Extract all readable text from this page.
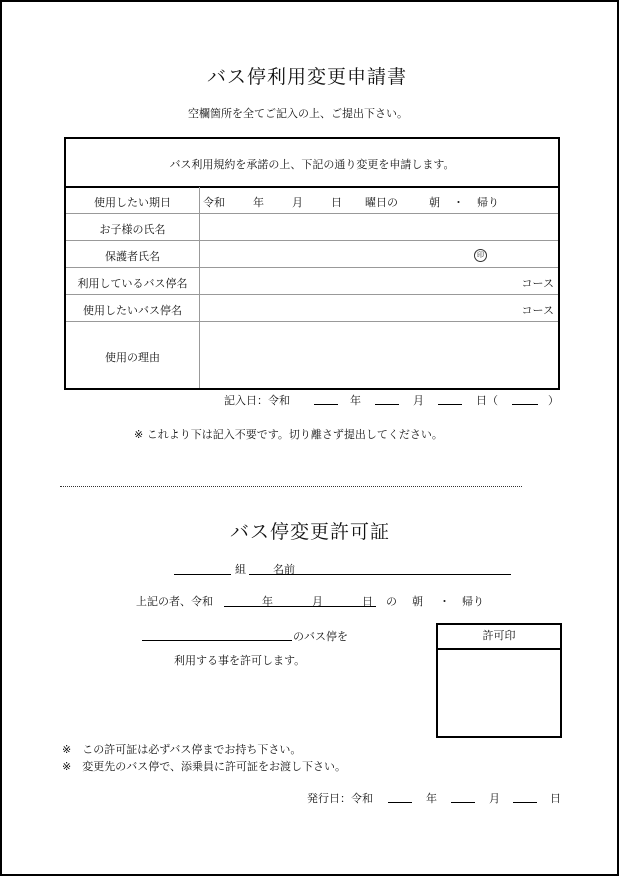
バス停利用変更申請書
空欄箇所を全てご記入の上、ご提出下さい。
バス利用規約を承諾の上、下記の通り変更を申請します。
使用したい期日	令和	年	月	日 曜日の	朝 ・ 帰り
お子様の氏名
保護者氏名	印
利用しているバス停名	コース
使用したいバス停名	コース
使用の理由
記入日：令和	年	月	日（	）
※ これより下は記入不要です。切り離さず提出してください。
バス停変更許可証
組 名前
上記の者、令和	年	月	日 の 朝 ・ 帰り
のバス停を
利用する事を許可します。
許可印
※　この許可証は必ずバス停までお持ち下さい。
※　変更先のバス停で、添乗員に許可証をお渡し下さい。
発行日：令和	年	月	日
